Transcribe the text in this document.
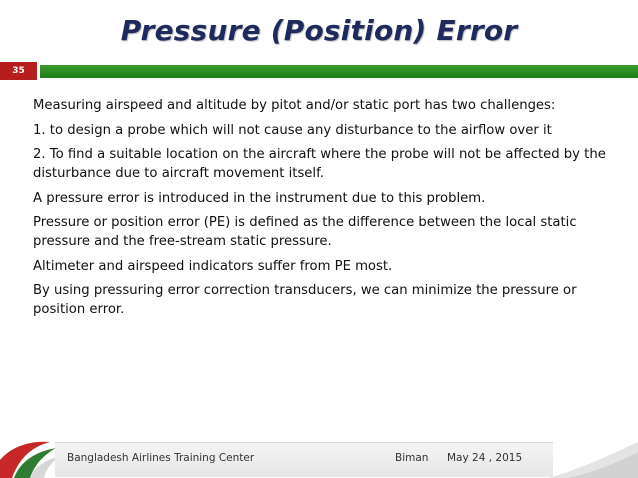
Pressure (Position) Error
35

Measuring airspeed and altitude by pitot and/or static port has two challenges:

1. to design a probe which will not cause any disturbance to the airflow over it

2. To find a suitable location on the aircraft where the probe will not be affected by the disturbance due to aircraft movement itself.

A pressure error is introduced in the instrument due to this problem.

Pressure or position error (PE) is defined as the difference between the local static pressure and the free-stream static pressure.

Altimeter and airspeed indicators suffer from PE most.

By using pressuring error correction transducers, we can minimize the pressure or position error.

Bangladesh Airlines Training Center	Biman May 24 , 2015
